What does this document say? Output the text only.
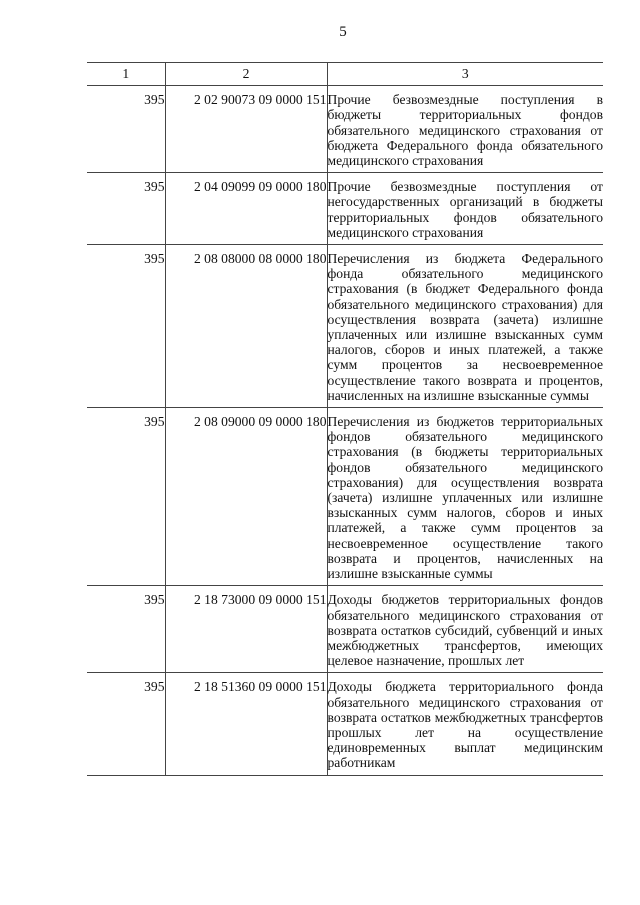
5
1	2	3
395	2 02 90073 09 0000 151	Прочие безвозмездные поступления в бюджеты территориальных фондов обязательного медицинского страхования от бюджета Федерального фонда обязательного медицинского страхования
395	2 04 09099 09 0000 180	Прочие безвозмездные поступления от негосударственных организаций в бюджеты территориальных фондов обязательного медицинского страхования
395	2 08 08000 08 0000 180	Перечисления из бюджета Федерального фонда обязательного медицинского страхования (в бюджет Федерального фонда обязательного медицинского страхования) для осуществления возврата (зачета) излишне уплаченных или излишне взысканных сумм налогов, сборов и иных платежей, а также сумм процентов за несвоевременное осуществление такого возврата и процентов, начисленных на излишне взысканные суммы
395	2 08 09000 09 0000 180	Перечисления из бюджетов территориальных фондов обязательного медицинского страхования (в бюджеты территориальных фондов обязательного медицинского страхования) для осуществления возврата (зачета) излишне уплаченных или излишне взысканных сумм налогов, сборов и иных платежей, а также сумм процентов за несвоевременное осуществление такого возврата и процентов, начисленных на излишне взысканные суммы
395	2 18 73000 09 0000 151	Доходы бюджетов территориальных фондов обязательного медицинского страхования от возврата остатков субсидий, субвенций и иных межбюджетных трансфертов, имеющих целевое назначение, прошлых лет
395	2 18 51360 09 0000 151	Доходы бюджета территориального фонда обязательного медицинского страхования от возврата остатков межбюджетных трансфертов прошлых лет на осуществление единовременных выплат медицинским работникам
